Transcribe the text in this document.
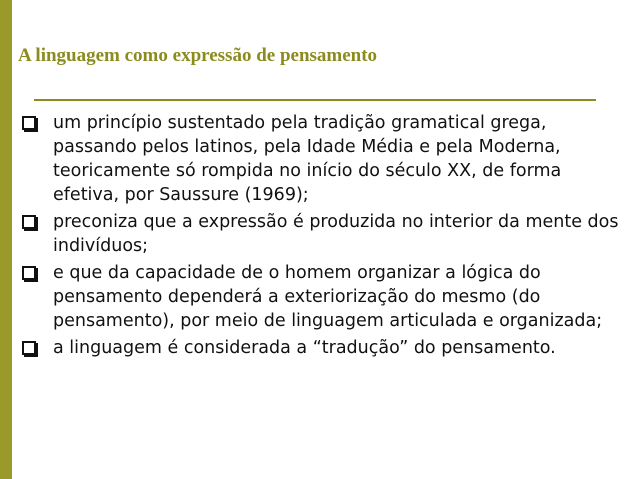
A linguagem como expressão de pensamento
um princípio sustentado pela tradição gramatical grega, passando pelos latinos, pela Idade Média e pela Moderna, teoricamente só rompida no início do século XX, de forma efetiva, por Saussure (1969);
preconiza que a expressão é produzida no interior da mente dos indivíduos;
e que da capacidade de o homem organizar a lógica do pensamento dependerá a exteriorização do mesmo (do pensamento), por meio de linguagem articulada e organizada;
a linguagem é considerada a “tradução” do pensamento.
